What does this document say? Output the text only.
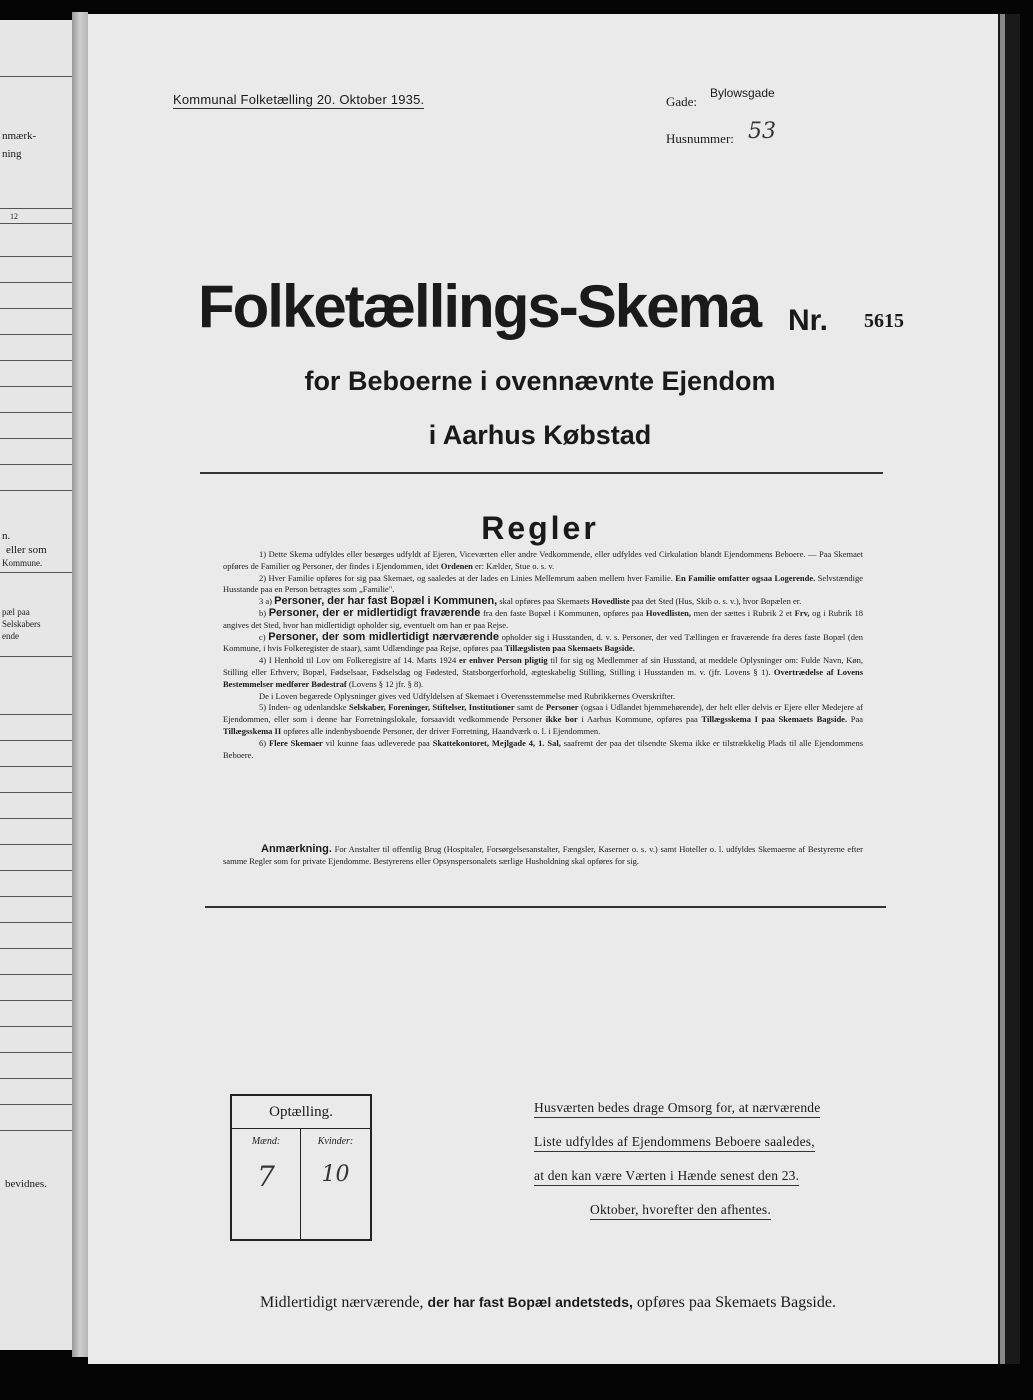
nmærk-
ning
12
n.
eller som
Kommune.
pæl paa
Selskabers
ende
bevidnes.
Kommunal Folketælling 20. Oktober 1935.	Gade:
Bylowsgade
Husnummer: 53
Folketællings-Skema Nr. 5615
for Beboerne i ovennævnte Ejendom
i Aarhus Købstad
Regler

1) Dette Skema udfyldes eller besørges udfyldt af Ejeren, Viceværten eller andre Vedkommende, eller udfyldes ved Cirkulation blandt Ejendommens Beboere. — Paa Skemaet opføres de Familier og Personer, der findes i Ejendommen, idet Ordenen er: Kælder, Stue o. s. v.

2) Hver Familie opføres for sig paa Skemaet, og saaledes at der lades en Linies Mellemrum aaben mellem hver Familie. En Familie omfatter ogsaa Logerende. Selvstændige Husstande paa en Person betragtes som „Familie".

3 a) Personer, der har fast Bopæl i Kommunen, skal opføres paa Skemaets Hovedliste paa det Sted (Hus, Skib o. s. v.), hvor Bopælen er.

b) Personer, der er midlertidigt fraværende fra den faste Bopæl i Kommunen, opføres paa Hovedlisten, men der sættes i Rubrik 2 et Frv, og i Rubrik 18 angives det Sted, hvor han midlertidigt opholder sig, eventuelt om han er paa Rejse.

c) Personer, der som midlertidigt nærværende opholder sig i Husstanden, d. v. s. Personer, der ved Tællingen er fraværende fra deres faste Bopæl (den Kommune, i hvis Folkeregister de staar), samt Udlændinge paa Rejse, opføres paa Tillægslisten paa Skemaets Bagside.

4) I Henhold til Lov om Folkeregistre af 14. Marts 1924 er enhver Person pligtig til for sig og Medlemmer af sin Husstand, at meddele Oplysninger om: Fulde Navn, Køn, Stilling eller Erhverv, Bopæl, Fødselsaar, Fødselsdag og Fødested, Statsborgerforhold, ægteskabelig Stilling, Stilling i Husstanden m. v. (jfr. Lovens § 1). Overtrædelse af Lovens Bestemmelser medfører Bødestraf (Lovens § 12 jfr. § 8).

De i Loven begærede Oplysninger gives ved Udfyldelsen af Skemaet i Overensstemmelse med Rubrikkernes Overskrifter.

5) Inden- og udenlandske Selskaber, Foreninger, Stiftelser, Institutioner samt de Personer (ogsaa i Udlandet hjemmehørende), der helt eller delvis er Ejere eller Medejere af Ejendommen, eller som i denne har Forretningslokale, forsaavidt vedkommende Personer ikke bor i Aarhus Kommune, opføres paa Tillægsskema I paa Skemaets Bagside. Paa Tillægsskema II opføres alle indenbysboende Personer, der driver Forretning, Haandværk o. l. i Ejendommen.

6) Flere Skemaer vil kunne faas udleverede paa Skattekontoret, Mejlgade 4, 1. Sal, saafremt der paa det tilsendte Skema ikke er tilstrækkelig Plads til alle Ejendommens Beboere.

Anmærkning. For Anstalter til offentlig Brug (Hospitaler, Forsørgelsesanstalter, Fængsler, Kaserner o. s. v.) samt Hoteller o. l. udfyldes Skemaerne af Bestyrerne efter samme Regler som for private Ejendomme. Bestyrerens eller Opsynspersonalets særlige Husholdning skal opføres for sig.

Optælling.
Mænd:	Kvinder:
7	10
Husværten bedes drage Omsorg for, at nærværende
Liste udfyldes af Ejendommens Beboere saaledes,
at den kan være Værten i Hænde senest den 23.
Oktober, hvorefter den afhentes.
Midlertidigt nærværende, der har fast Bopæl andetsteds, opføres paa Skemaets Bagside.
